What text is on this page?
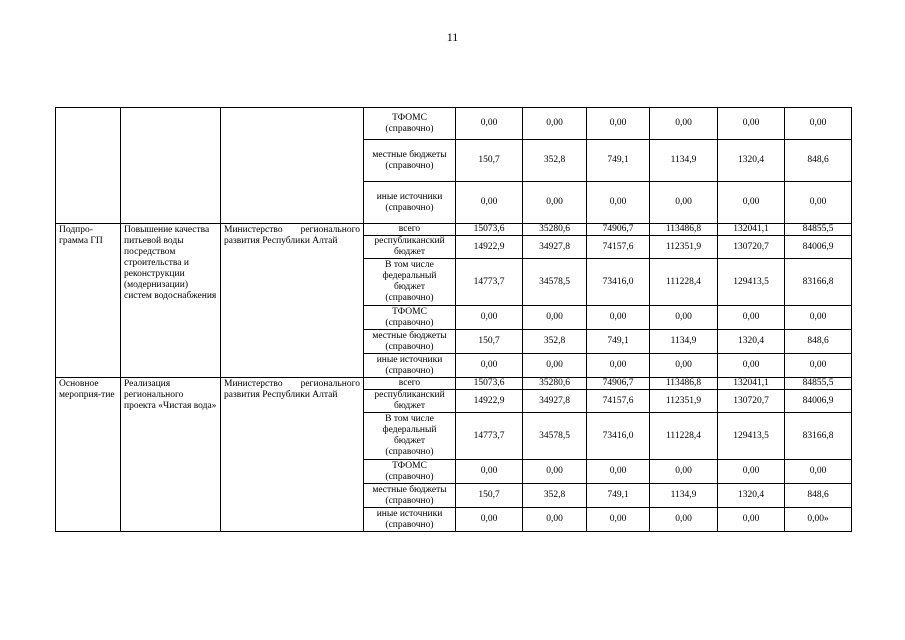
11

			ТФОМС
(справочно)	0,00	0,00	0,00	0,00	0,00	0,00

			местные бюджеты
(справочно)	150,7	352,8	749,1	1134,9	1320,4	848,6

			иные источники
(справочно)	0,00	0,00	0,00	0,00	0,00	0,00
Подпро-грамма ГП	Повышение качества питьевой воды посредством строительства и реконструкции (модернизации) систем водоснабжения	Министерство регионального развития Республики Алтай	всего	15073,6	35280,6	74906,7	113486,8	132041,1	84855,5

			республиканский
бюджет	14922,9	34927,8	74157,6	112351,9	130720,7	84006,9

			В том числе
федеральный
бюджет
(справочно)	14773,7	34578,5	73416,0	111228,4	129413,5	83166,8

			ТФОМС
(справочно)	0,00	0,00	0,00	0,00	0,00	0,00

			местные бюджеты
(справочно)	150,7	352,8	749,1	1134,9	1320,4	848,6

			иные источники
(справочно)	0,00	0,00	0,00	0,00	0,00	0,00
Основное мероприя-тие	Реализация регионального проекта «Чистая вода»	Министерство регионального развития Республики Алтай	всего	15073,6	35280,6	74906,7	113486,8	132041,1	84855,5

			республиканский
бюджет	14922,9	34927,8	74157,6	112351,9	130720,7	84006,9

			В том числе
федеральный
бюджет
(справочно)	14773,7	34578,5	73416,0	111228,4	129413,5	83166,8

			ТФОМС
(справочно)	0,00	0,00	0,00	0,00	0,00	0,00

			местные бюджеты
(справочно)	150,7	352,8	749,1	1134,9	1320,4	848,6

			иные источники
(справочно)	0,00	0,00	0,00	0,00	0,00	0,00»
